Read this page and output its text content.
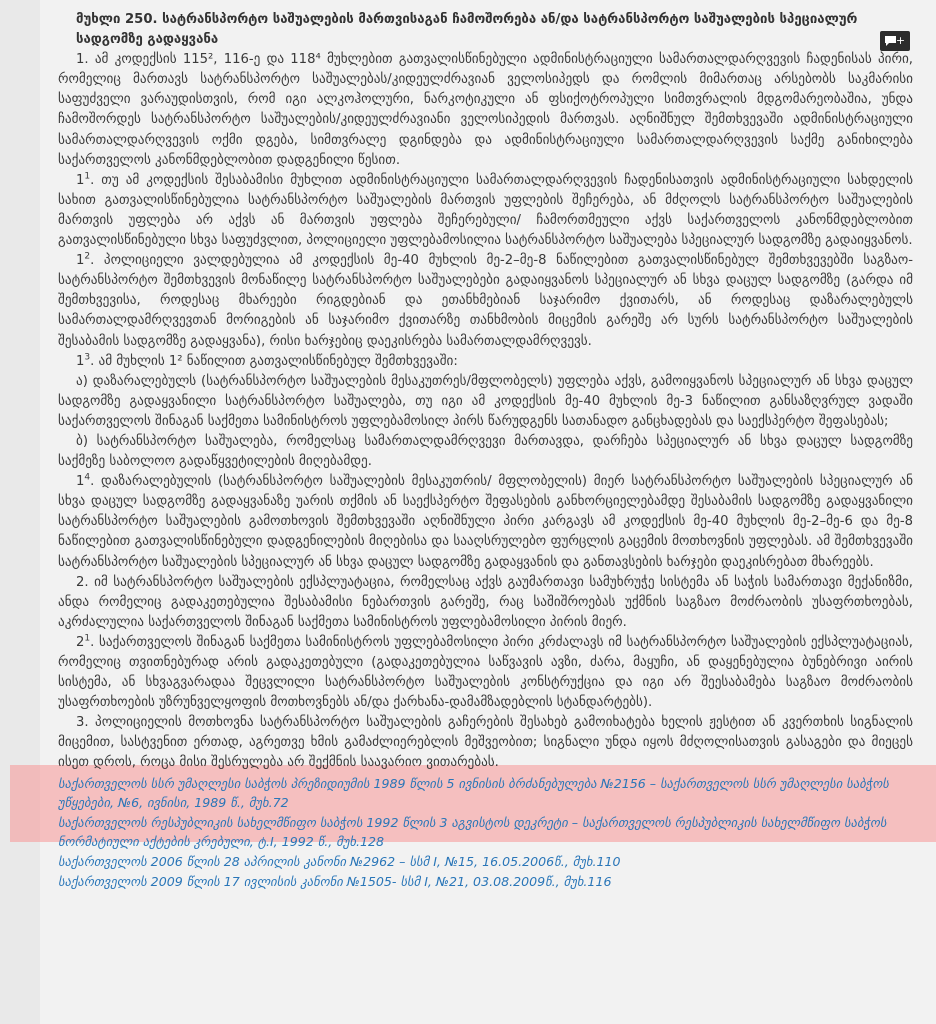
+

მუხლი 250. სატრანსპორტო საშუალების მართვისაგან ჩამოშორება ან/და სატრანსპორტო საშუალების სპეციალურ სადგომზე გადაყვანა

1. ამ კოდექსის 115², 116-ე და 118⁴ მუხლებით გათვალისწინებული ადმინისტრაციული სამართალდარღვევის ჩადენისას პირი, რომელიც მართავს სატრანსპორტო საშუალებას/კიდეულძრავიან ველოსიპედს და რომლის მიმართაც არსებობს საკმარისი საფუძველი ვარაუდისთვის, რომ იგი ალკოჰოლური, ნარკოტიკული ან ფსიქოტროპული სიმთვრალის მდგომარეობაშია, უნდა ჩამოშორდეს სატრანსპორტო საშუალების/კიდეულძრავიანი ველოსიპედის მართვას. აღნიშნულ შემთხვევაში ადმინისტრაციული სამართალდარღვევის ოქმი დგება, სიმთვრალე დგინდება და ადმინისტრაციული სამართალდარღვევის საქმე განიხილება საქართველოს კანონმდებლობით დადგენილი წესით.

$1^1$. თუ ამ კოდექსის შესაბამისი მუხლით ადმინისტრაციული სამართალდარღვევის ჩადენისათვის ადმინისტრაციული სახდელის სახით გათვალისწინებულია სატრანსპორტო საშუალების მართვის უფლების შეჩერება, ან მძღოლს სატრანსპორტო საშუალების მართვის უფლება არ აქვს ან მართვის უფლება შეჩერებული/ ჩამორთმეული აქვს საქართველოს კანონმდებლობით გათვალისწინებული სხვა საფუძვლით, პოლიციელი უფლებამოსილია სატრანსპორტო საშუალება სპეციალურ სადგომზე გადაიყვანოს.

$1^2$. პოლიციელი ვალდებულია ამ კოდექსის მე-40 მუხლის მე-2–მე-8 ნაწილებით გათვალისწინებულ შემთხვევებში საგზაო-სატრანსპორტო შემთხვევის მონაწილე სატრანსპორტო საშუალებები გადაიყვანოს სპეციალურ ან სხვა დაცულ სადგომზე (გარდა იმ შემთხვევისა, როდესაც მხარეები რიგდებიან და ეთანხმებიან საჯარიმო ქვითარს, ან როდესაც დაზარალებულს სამართალდამრღვევთან მორიგების ან საჯარიმო ქვითარზე თანხმობის მიცემის გარეშე არ სურს სატრანსპორტო საშუალების შესაბამის სადგომზე გადაყვანა), რისი ხარჯებიც დაეკისრება სამართალდამრღვევს.

$1^3$. ამ მუხლის 1² ნაწილით გათვალისწინებულ შემთხვევაში:

ა) დაზარალებულს (სატრანსპორტო საშუალების მესაკუთრეს/მფლობელს) უფლება აქვს, გამოიყვანოს სპეციალურ ან სხვა დაცულ სადგომზე გადაყვანილი სატრანსპორტო საშუალება, თუ იგი ამ კოდექსის მე-40 მუხლის მე-3 ნაწილით განსაზღვრულ ვადაში საქართველოს შინაგან საქმეთა სამინისტროს უფლებამოსილ პირს წარუდგენს სათანადო განცხადებას და საექსპერტო შეფასებას;

ბ) სატრანსპორტო საშუალება, რომელსაც სამართალდამრღვევი მართავდა, დარჩება სპეციალურ ან სხვა დაცულ სადგომზე საქმეზე საბოლოო გადაწყვეტილების მიღებამდე.

$1^4$. დაზარალებულის (სატრანსპორტო საშუალების მესაკუთრის/ მფლობელის) მიერ სატრანსპორტო საშუალების სპეციალურ ან სხვა დაცულ სადგომზე გადაყვანაზე უარის თქმის ან საექსპერტო შეფასების განხორციელებამდე შესაბამის სადგომზე გადაყვანილი სატრანსპორტო საშუალების გამოთხოვის შემთხვევაში აღნიშნული პირი კარგავს ამ კოდექსის მე-40 მუხლის მე-2–მე-6 და მე-8 ნაწილებით გათვალისწინებული დადგენილების მიღებისა და სააღსრულებო ფურცლის გაცემის მოთხოვნის უფლებას. ამ შემთხვევაში სატრანსპორტო საშუალების სპეციალურ ან სხვა დაცულ სადგომზე გადაყვანის და განთავსების ხარჯები დაეკისრებათ მხარეებს.

2. იმ სატრანსპორტო საშუალების ექსპლუატაცია, რომელსაც აქვს გაუმართავი სამუხრუჭე სისტემა ან საჭის სამართავი მექანიზმი, ანდა რომელიც გადაკეთებულია შესაბამისი ნებართვის გარეშე, რაც საშიშროებას უქმნის საგზაო მოძრაობის უსაფრთხოებას, აკრძალულია საქართველოს შინაგან საქმეთა სამინისტროს უფლებამოსილი პირის მიერ.

$2^1$. საქართველოს შინაგან საქმეთა სამინისტროს უფლებამოსილი პირი კრძალავს იმ სატრანსპორტო საშუალების ექსპლუატაციას, რომელიც თვითნებურად არის გადაკეთებული (გადაკეთებულია საწვავის ავზი, ძარა, მაყუჩი, ან დაყენებულია ბუნებრივი აირის სისტემა, ან სხვაგვარადაა შეცვლილი სატრანსპორტო საშუალების კონსტრუქცია და იგი არ შეესაბამება საგზაო მოძრაობის უსაფრთხოების უზრუნველყოფის მოთხოვნებს ან/და ქარხანა-დამამზადებლის სტანდარტებს).

3. პოლიციელის მოთხოვნა სატრანსპორტო საშუალების გაჩერების შესახებ გამოიხატება ხელის ჟესტით ან კვერთხის სიგნალის მიცემით, სასტვენით ერთად, აგრეთვე ხმის გამაძლიერებლის მეშვეობით; სიგნალი უნდა იყოს მძღოლისათვის გასაგები და მიეცეს ისეთ დროს, როცა მისი შესრულება არ შექმნის საავარიო ვითარებას.

საქართველოს სსრ უმაღლესი საბჭოს პრეზიდიუმის 1989 წლის 5 ივნისის ბრძანებულება №2156 – საქართველოს სსრ უმაღლესი საბჭოს უწყებები, №6, ივნისი, 1989 წ., მუხ.72

საქართველოს რესპუბლიკის სახელმწიფო საბჭოს 1992 წლის 3 აგვისტოს დეკრეტი – საქართველოს რესპუბლიკის სახელმწიფო საბჭოს ნორმატიული აქტების კრებული, ტ.I, 1992 წ., მუხ.128

საქართველოს 2006 წლის 28 აპრილის კანონი №2962 – სსმ I, №15, 16.05.2006წ., მუხ.110

საქართველოს 2009 წლის 17 ივლისის კანონი №1505- სსმ I, №21, 03.08.2009წ., მუხ.116
